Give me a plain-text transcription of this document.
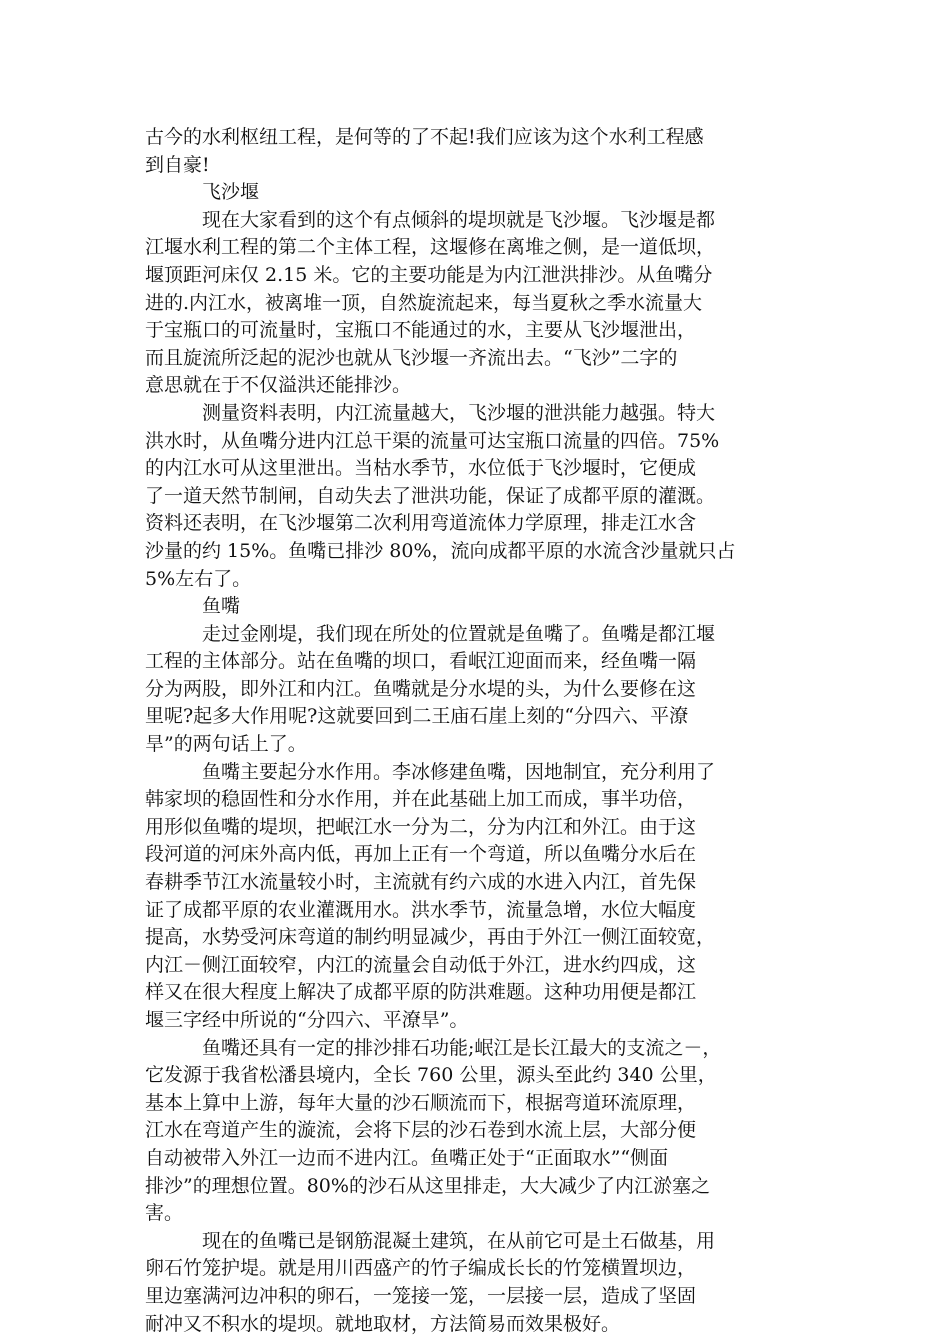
古今的水利枢纽工程，是何等的了不起!我们应该为这个水利工程感
到自豪!
飞沙堰
现在大家看到的这个有点倾斜的堤坝就是飞沙堰。飞沙堰是都
江堰水利工程的第二个主体工程，这堰修在离堆之侧，是一道低坝，
堰顶距河床仅 2.15 米。它的主要功能是为内江泄洪排沙。从鱼嘴分
进的.内江水，被离堆一顶，自然旋流起来，每当夏秋之季水流量大
于宝瓶口的可流量时，宝瓶口不能通过的水，主要从飞沙堰泄出，
而且旋流所泛起的泥沙也就从飞沙堰一齐流出去。“飞沙”二字的
意思就在于不仅溢洪还能排沙。
测量资料表明，内江流量越大，飞沙堰的泄洪能力越强。特大
洪水时，从鱼嘴分进内江总干渠的流量可达宝瓶口流量的四倍。75%
的内江水可从这里泄出。当枯水季节，水位低于飞沙堰时，它便成
了一道天然节制闸，自动失去了泄洪功能，保证了成都平原的灌溉。
资料还表明，在飞沙堰第二次利用弯道流体力学原理，排走江水含
沙量的约 15%。鱼嘴已排沙 80%，流向成都平原的水流含沙量就只占
5%左右了。
鱼嘴
走过金刚堤，我们现在所处的位置就是鱼嘴了。鱼嘴是都江堰
工程的主体部分。站在鱼嘴的坝口，看岷江迎面而来，经鱼嘴一隔
分为两股，即外江和内江。鱼嘴就是分水堤的头，为什么要修在这
里呢?起多大作用呢?这就要回到二王庙石崖上刻的“分四六、平潦
旱”的两句话上了。
鱼嘴主要起分水作用。李冰修建鱼嘴，因地制宜，充分利用了
韩家坝的稳固性和分水作用，并在此基础上加工而成，事半功倍，
用形似鱼嘴的堤坝，把岷江水一分为二，分为内江和外江。由于这
段河道的河床外高内低，再加上正有一个弯道，所以鱼嘴分水后在
春耕季节江水流量较小时，主流就有约六成的水进入内江，首先保
证了成都平原的农业灌溉用水。洪水季节，流量急增，水位大幅度
提高，水势受河床弯道的制约明显减少，再由于外江一侧江面较宽，
内江－侧江面较窄，内江的流量会自动低于外江，进水约四成，这
样又在很大程度上解决了成都平原的防洪难题。这种功用便是都江
堰三字经中所说的“分四六、平潦旱”。
鱼嘴还具有一定的排沙排石功能;岷江是长江最大的支流之－，
它发源于我省松潘县境内，全长 760 公里，源头至此约 340 公里，
基本上算中上游，每年大量的沙石顺流而下，根据弯道环流原理，
江水在弯道产生的漩流，会将下层的沙石卷到水流上层，大部分便
自动被带入外江一边而不进内江。鱼嘴正处于“正面取水”“侧面
排沙”的理想位置。80%的沙石从这里排走，大大减少了内江淤塞之
害。
现在的鱼嘴已是钢筋混凝土建筑，在从前它可是土石做基，用
卵石竹笼护堤。就是用川西盛产的竹子编成长长的竹笼横置坝边，
里边塞满河边冲积的卵石，一笼接一笼，一层接一层，造成了坚固
耐冲又不积水的堤坝。就地取材，方法简易而效果极好。
